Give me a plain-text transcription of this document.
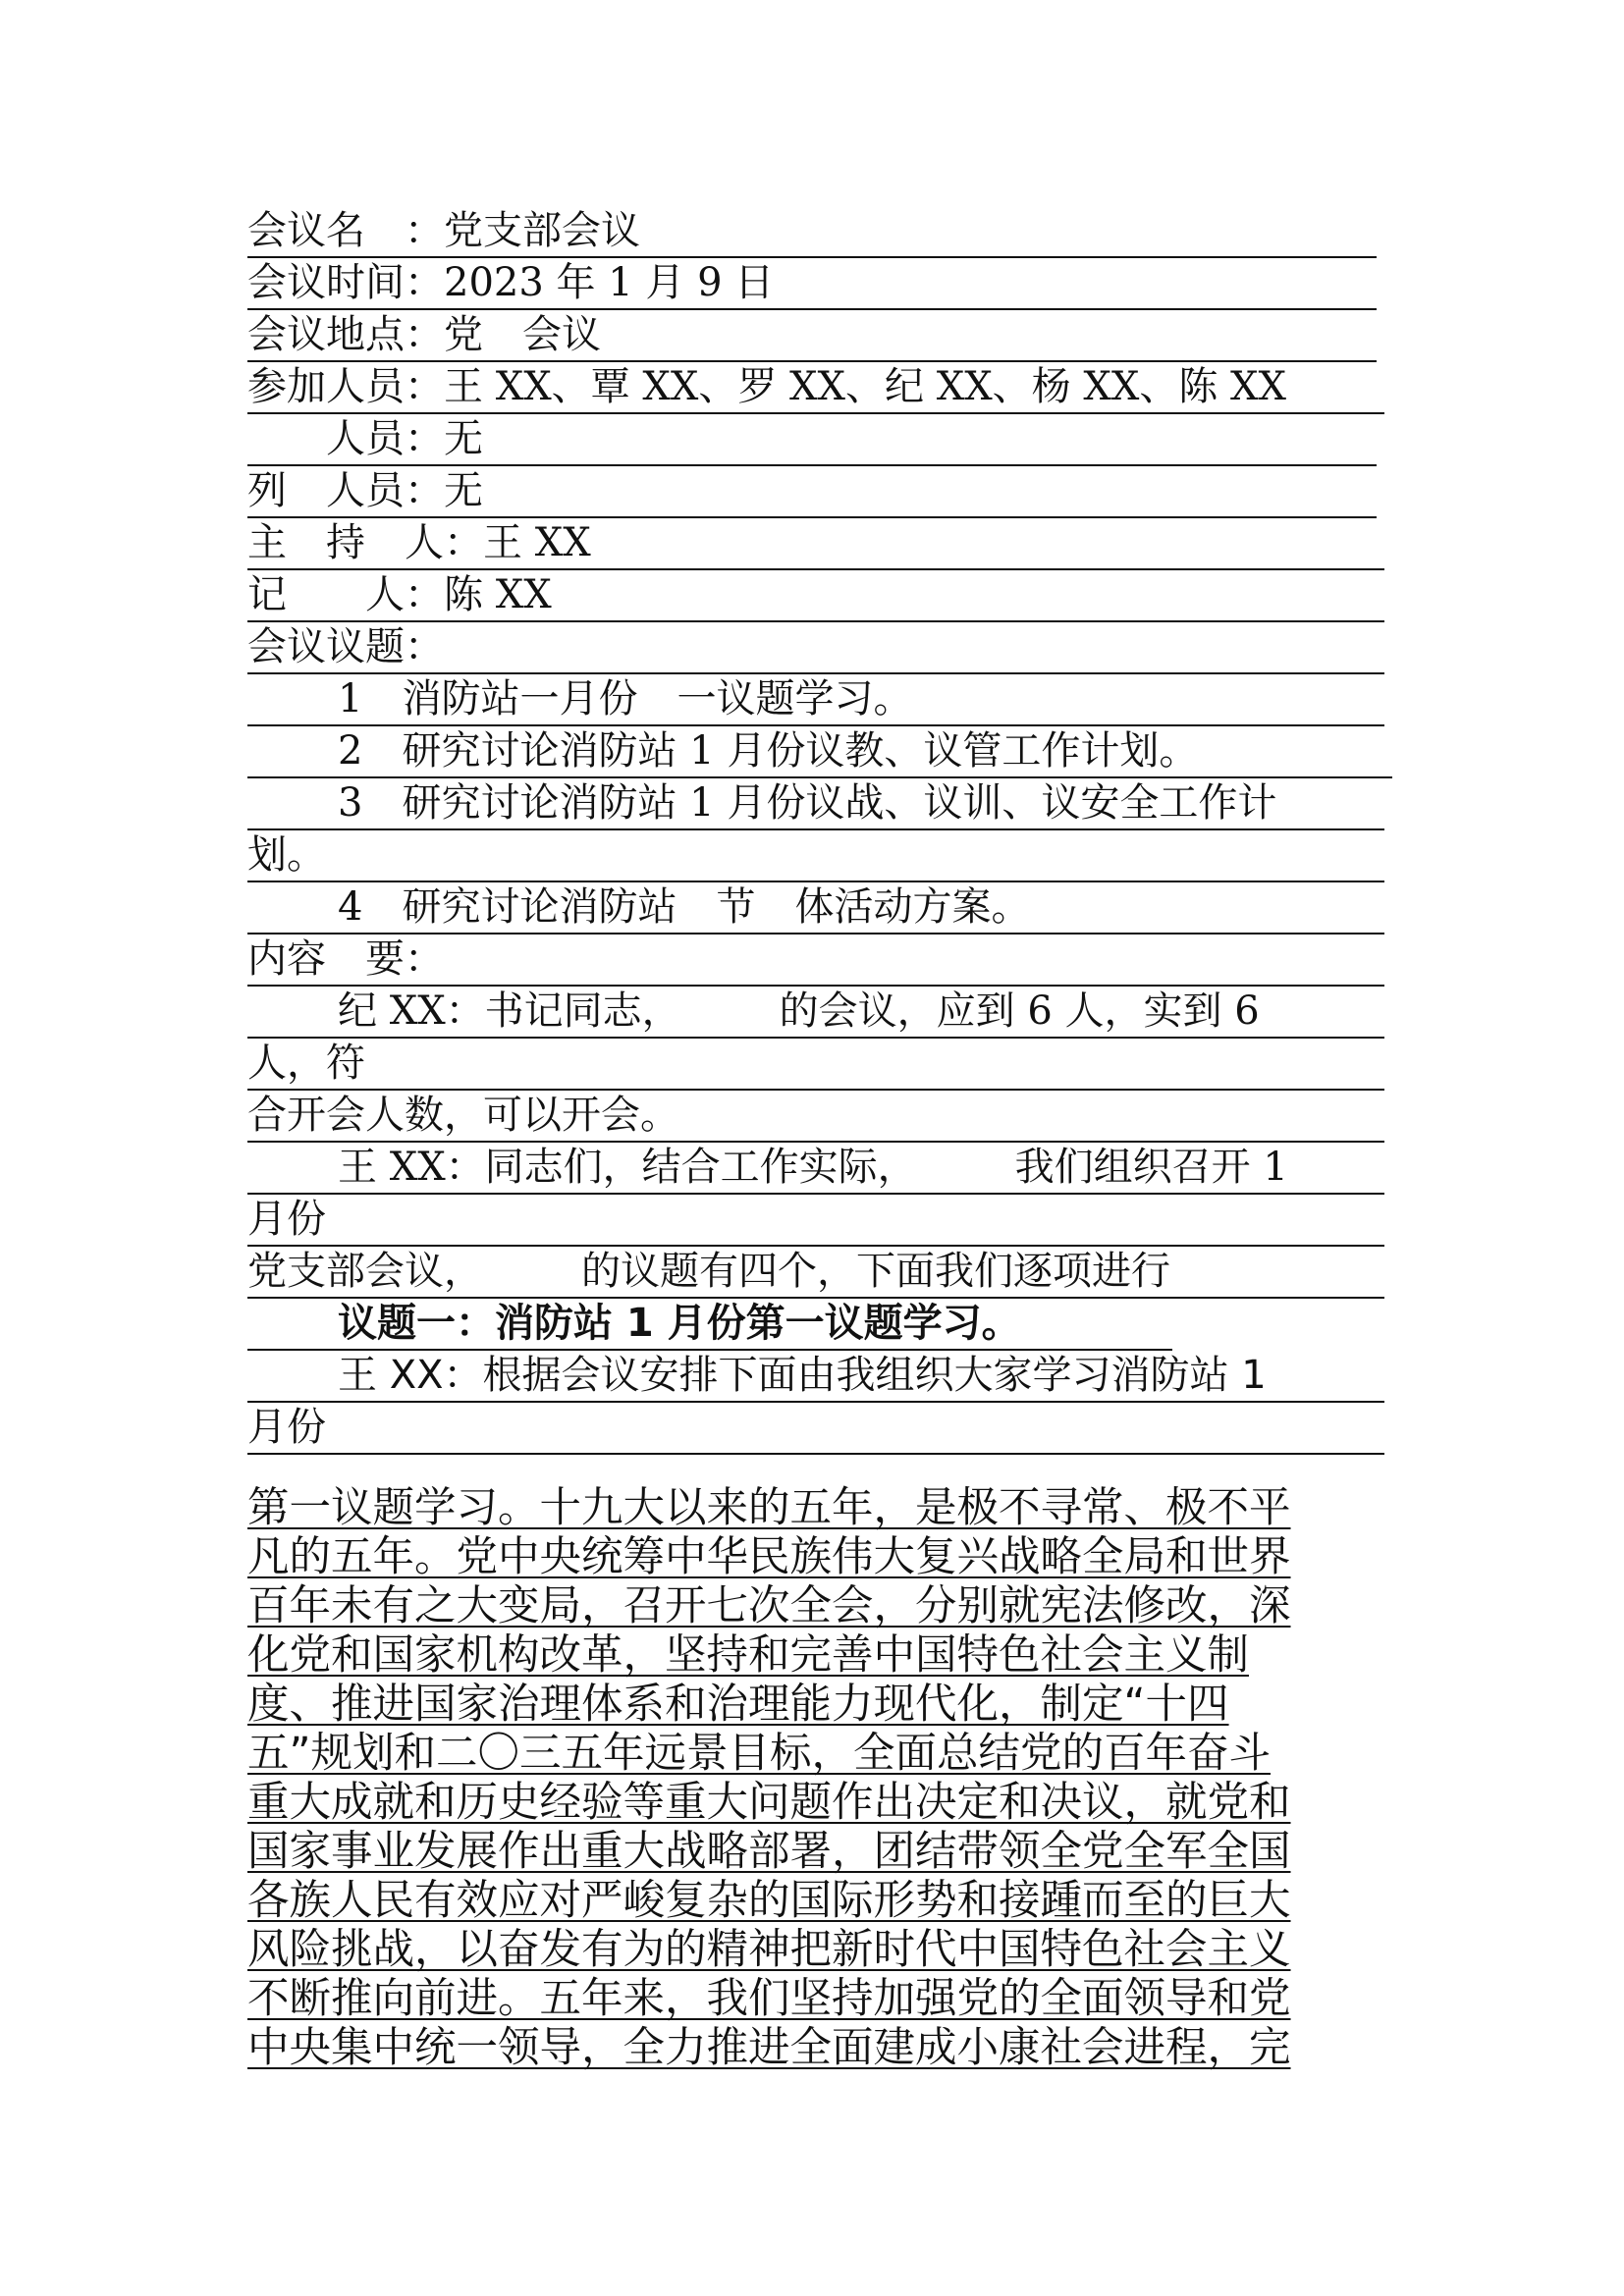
会议名　：党支部会议
会议时间：2023 年 1 月 9 日
会议地点：党　会议
参加人员：王 XX、覃 XX、罗 XX、纪 XX、杨 XX、陈 XX
　　人员：无
列　人员：无
主　持　人：王 XX
记　　人：陈 XX
会议议题：
1　消防站一月份　一议题学习。
2　研究讨论消防站 1 月份议教、议管工作计划。
3　研究讨论消防站 1 月份议战、议训、议安全工作计
划。
4　研究讨论消防站　节　体活动方案。
内容　要：
纪 XX：书记同志，　　　的会议，应到 6 人，实到 6
人，符
合开会人数，可以开会。
王 XX：同志们，结合工作实际，　　　我们组织召开 1
月份
党支部会议，　　　的议题有四个，下面我们逐项进行
议题一：消防站 1 月份第一议题学习。
王 XX：根据会议安排下面由我组织大家学习消防站 1
月份
第一议题学习。十九大以来的五年，是极不寻常、极不平
凡的五年。党中央统筹中华民族伟大复兴战略全局和世界
百年未有之大变局，召开七次全会，分别就宪法修改，深
化党和国家机构改革，坚持和完善中国特色社会主义制
度、推进国家治理体系和治理能力现代化，制定“十四
五”规划和二〇三五年远景目标，全面总结党的百年奋斗
重大成就和历史经验等重大问题作出决定和决议，就党和
国家事业发展作出重大战略部署，团结带领全党全军全国
各族人民有效应对严峻复杂的国际形势和接踵而至的巨大
风险挑战，以奋发有为的精神把新时代中国特色社会主义
不断推向前进。五年来，我们坚持加强党的全面领导和党
中央集中统一领导，全力推进全面建成小康社会进程，完
